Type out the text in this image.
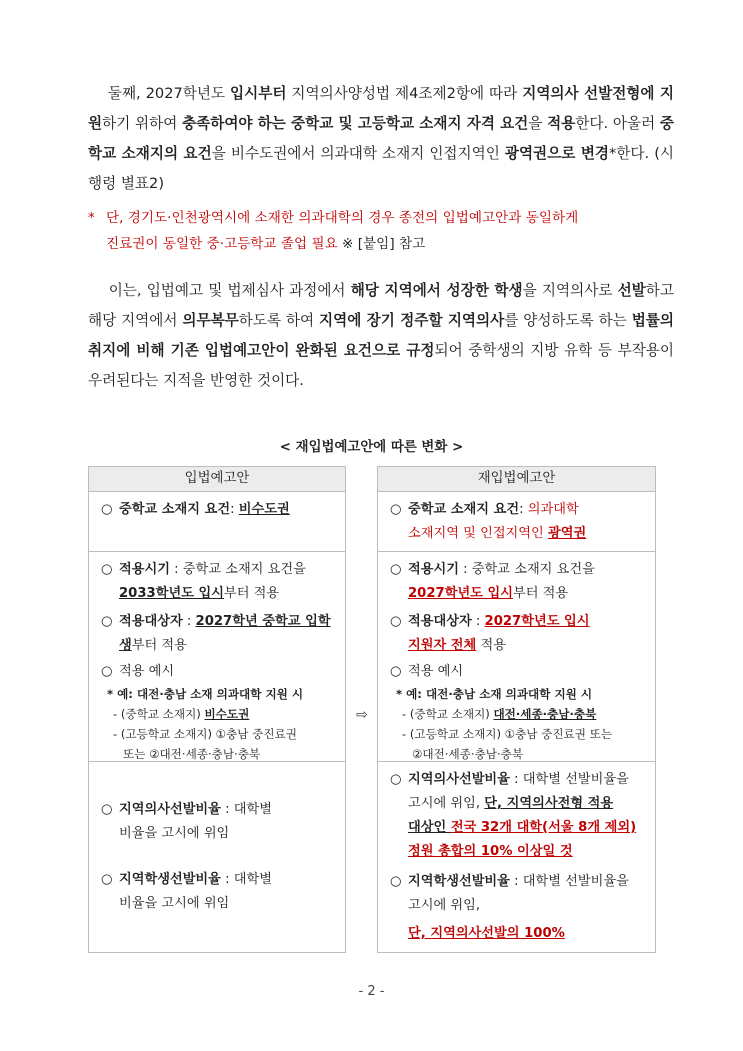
둘째, 2027학년도 입시부터 지역의사양성법 제4조제2항에 따라 지역의사 선발전형에 지원하기 위하여 충족하여야 하는 중학교 및 고등학교 소재지 자격 요건을 적용한다. 아울러 중학교 소재지의 요건을 비수도권에서 의과대학 소재지 인접지역인 광역권으로 변경*한다. (시행령 별표2)
* 단, 경기도·인천광역시에 소재한 의과대학의 경우 종전의 입법예고안과 동일하게
진료권이 동일한 중·고등학교 졸업 필요 ※ [붙임] 참고
이는, 입법예고 및 법제심사 과정에서 해당 지역에서 성장한 학생을 지역의사로 선발하고 해당 지역에서 의무복무하도록 하여 지역에 장기 정주할 지역의사를 양성하도록 하는 법률의 취지에 비해 기존 입법예고안이 완화된 요건으로 규정되어 중학생의 지방 유학 등 부작용이 우려된다는 지적을 반영한 것이다.
< 재입법예고안에 따른 변화 >
입법예고안
○ 중학교 소재지 요건: 비수도권
○ 적용시기 : 중학교 소재지 요건을
2033학년도 입시부터 적용
○ 적용대상자 : 2027학년 중학교 입학생부터 적용
○ 적용 예시
* 예: 대전·충남 소재 의과대학 지원 시
- (중학교 소재지) 비수도권
- (고등학교 소재지) ①충남 중진료권
또는 ②대전·세종·충남·충북
○ 지역의사선발비율 : 대학별
비율을 고시에 위임
○ 지역학생선발비율 : 대학별
비율을 고시에 위임
⇨
재입법예고안
○ 중학교 소재지 요건: 의과대학
소재지역 및 인접지역인 광역권
○ 적용시기 : 중학교 소재지 요건을
2027학년도 입시부터 적용
○ 적용대상자 : 2027학년도 입시
지원자 전체 적용
○ 적용 예시
* 예: 대전·충남 소재 의과대학 지원 시
- (중학교 소재지) 대전·세종·충남·충북
- (고등학교 소재지) ①충남 중진료권 또는
②대전·세종·충남·충북
○ 지역의사선발비율 : 대학별 선발비율을
고시에 위임, 단, 지역의사전형 적용
대상인 전국 32개 대학(서울 8개 제외)
정원 총합의 10% 이상일 것
○ 지역학생선발비율 : 대학별 선발비율을
고시에 위임,
단, 지역의사선발의 100%
- 2 -
